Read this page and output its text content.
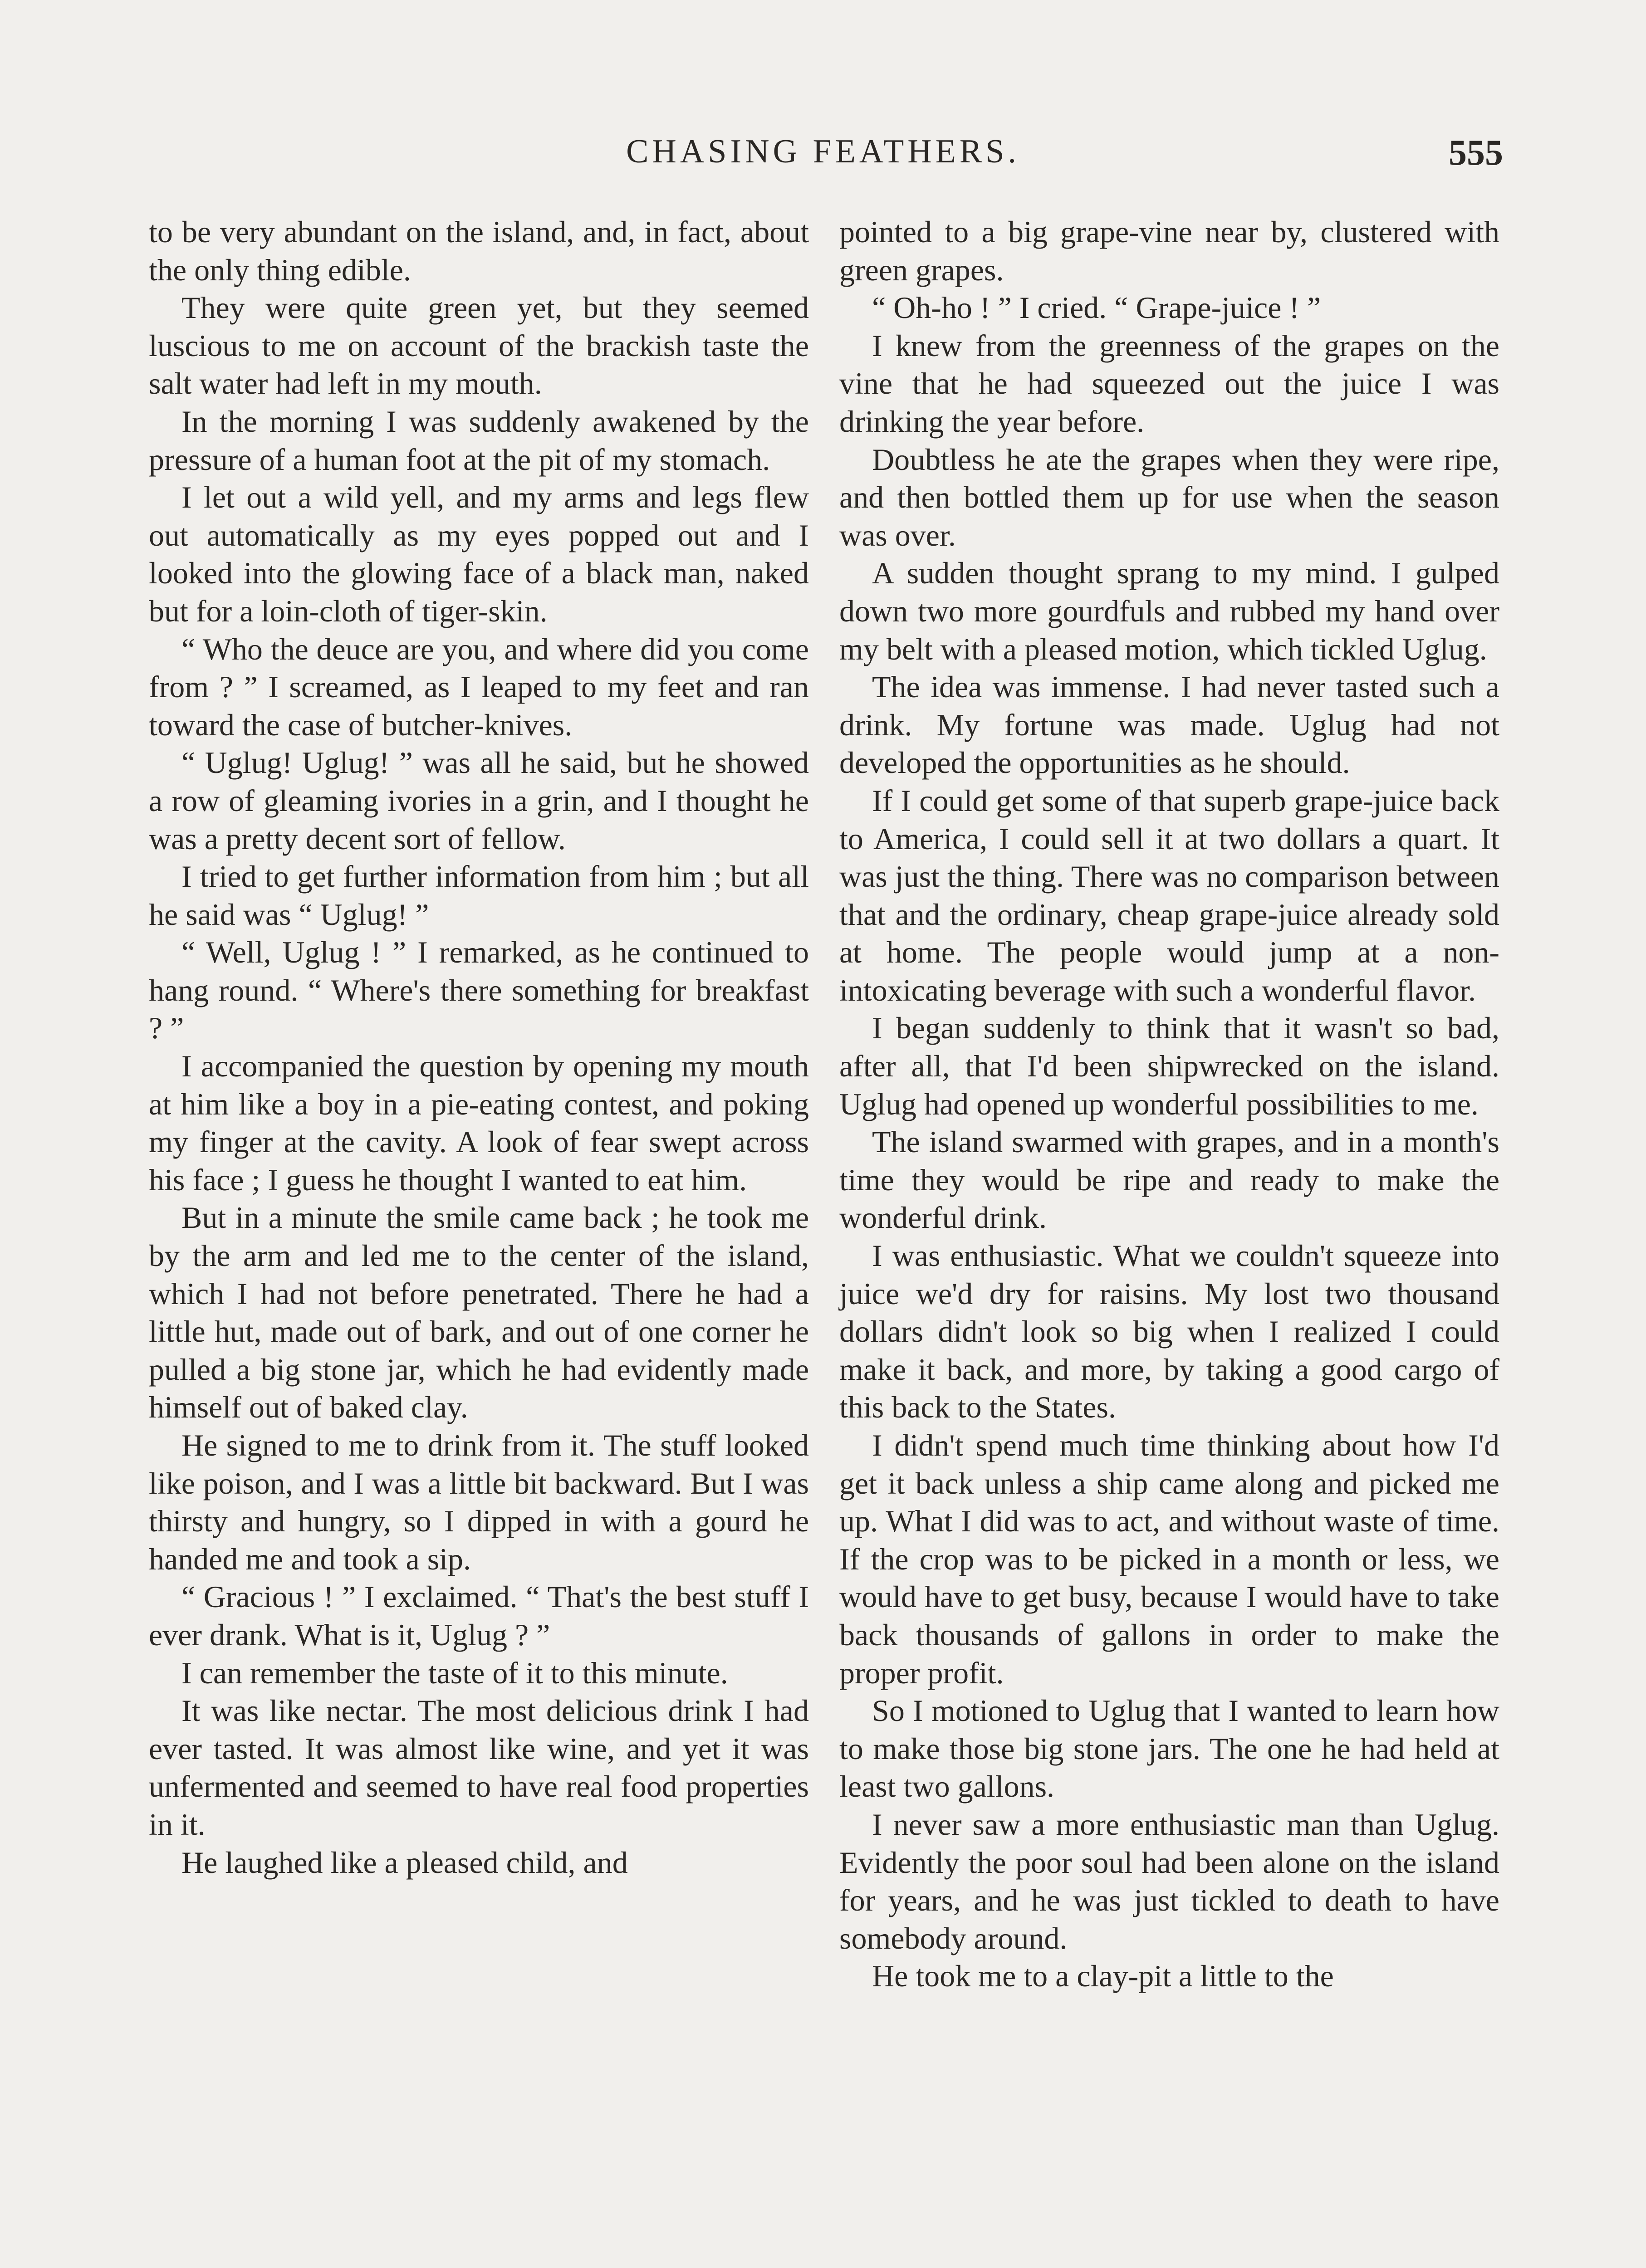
CHASING FEATHERS.	555

to be very abundant on the island, and, in fact, about the only thing edible.

They were quite green yet, but they seemed luscious to me on account of the brackish taste the salt water had left in my mouth.

In the morning I was suddenly awakened by the pressure of a human foot at the pit of my stomach.

I let out a wild yell, and my arms and legs flew out automatically as my eyes popped out and I looked into the glowing face of a black man, naked but for a loin-cloth of tiger-skin.

“ Who the deuce are you, and where did you come from ? ” I screamed, as I leaped to my feet and ran toward the case of butcher-knives.

“ Uglug! Uglug! ” was all he said, but he showed a row of gleaming ivories in a grin, and I thought he was a pretty decent sort of fellow.

I tried to get further information from him ; but all he said was “ Uglug! ”

“ Well, Uglug ! ” I remarked, as he continued to hang round. “ Where's there something for breakfast ? ”

I accompanied the question by opening my mouth at him like a boy in a pie-eating contest, and poking my finger at the cavity. A look of fear swept across his face ; I guess he thought I wanted to eat him.

But in a minute the smile came back ; he took me by the arm and led me to the center of the island, which I had not before penetrated. There he had a little hut, made out of bark, and out of one corner he pulled a big stone jar, which he had evidently made himself out of baked clay.

He signed to me to drink from it. The stuff looked like poison, and I was a little bit backward. But I was thirsty and hungry, so I dipped in with a gourd he handed me and took a sip.

“ Gracious ! ” I exclaimed. “ That's the best stuff I ever drank. What is it, Uglug ? ”

I can remember the taste of it to this minute.

It was like nectar. The most delicious drink I had ever tasted. It was almost like wine, and yet it was unfermented and seemed to have real food properties in it.

He laughed like a pleased child, and

pointed to a big grape-vine near by, clustered with green grapes.

“ Oh-ho ! ” I cried. “ Grape-juice ! ”

I knew from the greenness of the grapes on the vine that he had squeezed out the juice I was drinking the year before.

Doubtless he ate the grapes when they were ripe, and then bottled them up for use when the season was over.

A sudden thought sprang to my mind. I gulped down two more gourdfuls and rubbed my hand over my belt with a pleased motion, which tickled Uglug.

The idea was immense. I had never tasted such a drink. My fortune was made. Uglug had not developed the opportunities as he should.

If I could get some of that superb grape-juice back to America, I could sell it at two dollars a quart. It was just the thing. There was no comparison between that and the ordinary, cheap grape-juice already sold at home. The people would jump at a non-intoxicating beverage with such a wonderful flavor.

I began suddenly to think that it wasn't so bad, after all, that I'd been shipwrecked on the island. Uglug had opened up wonderful possibilities to me.

The island swarmed with grapes, and in a month's time they would be ripe and ready to make the wonderful drink.

I was enthusiastic. What we couldn't squeeze into juice we'd dry for raisins. My lost two thousand dollars didn't look so big when I realized I could make it back, and more, by taking a good cargo of this back to the States.

I didn't spend much time thinking about how I'd get it back unless a ship came along and picked me up. What I did was to act, and without waste of time. If the crop was to be picked in a month or less, we would have to get busy, because I would have to take back thousands of gallons in order to make the proper profit.

So I motioned to Uglug that I wanted to learn how to make those big stone jars. The one he had held at least two gallons.

I never saw a more enthusiastic man than Uglug. Evidently the poor soul had been alone on the island for years, and he was just tickled to death to have somebody around.

He took me to a clay-pit a little to the
